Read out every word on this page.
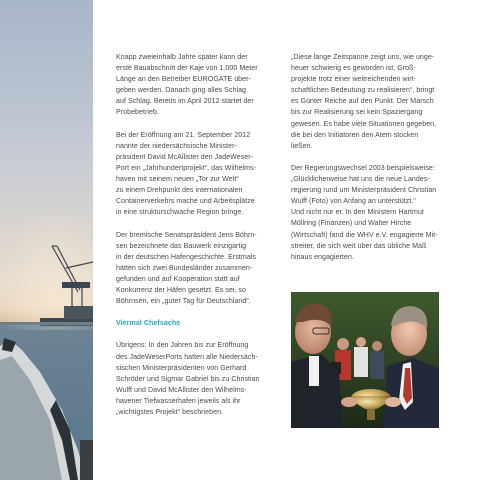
Knapp zweieinhalb Jahre später kann der
erste Bauabschnitt der Kaje von 1.000 Meter
Länge an den Betreiber EUROGATE über-
geben werden. Danach ging alles Schlag
auf Schlag. Bereits im April 2012 startet der
Probebetrieb.

Bei der Eröffnung am 21. September 2012
nannte der niedersächsische Minister-
präsident David McAllister den JadeWeser-
Port ein „Jahrhundertprojekt“, das Wilhelms-
haven mit seinem neuen „Tor zur Welt“
zu einem Drehpunkt des internationalen
Containerverkehrs mache und Arbeitsplätze
in eine strukturschwache Region bringe.

Der bremische Senatspräsident Jens Böhrn-
sen bezeichnete das Bauwerk einzigartig
in der deutschen Hafengeschichte. Erstmals
hätten sich zwei Bundesländer zusammen-
gefunden und auf Kooperation statt auf
Konkurrenz der Häfen gesetzt. Es sei, so
Böhrnsen, ein „guter Tag für Deutschland“.

Viermal Chefsache

Übrigens: In den Jahren bis zur Eröffnung
des JadeWeserPorts hatten alle Niedersäch-
sischen Ministerpräsidenten von Gerhard
Schröder und Sigmar Gabriel bis zu Christian
Wulff und David McAllister den Wilhelms-
havener Tiefwasserhafen jeweils als ihr
„wichtigstes Projekt“ beschrieben.

„Diese lange Zeitspanne zeigt uns, wie unge-
heuer schwierig es geworden ist, Groß-
projekte trotz einer weitreichenden wirt-
schaftlichen Bedeutung zu realisieren“, bringt
es Günter Reiche auf den Punkt. Der Marsch
bis zur Realisierung sei kein Spaziergang
gewesen. Es habe viele Situationen gegeben,
die bei den Initiatoren den Atem stocken
ließen.

Der Regierungswechsel 2003 beispielsweise:
„Glücklicherweise hat uns die neue Landes-
regierung rund um Ministerpräsident Christian
Wulff (Foto) von Anfang an unterstützt.“
Und nicht nur er. In den Ministern Hartmut
Möllring (Finanzen) und Walter Hirche
(Wirtschaft) fand die WHV e.V. engagierte Mit-
streiter, die sich weit über das übliche Maß
hinaus engagierten.
